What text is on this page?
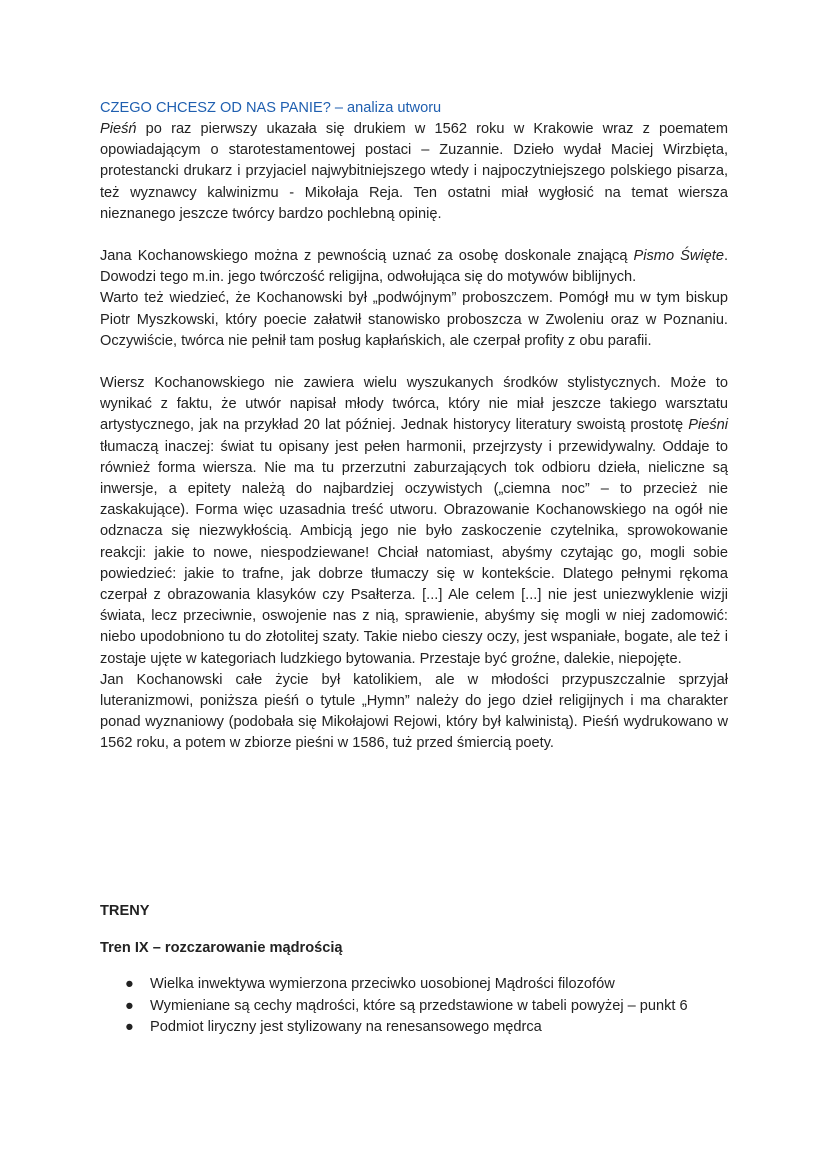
CZEGO CHCESZ OD NAS PANIE? – analiza utworu

Pieśń po raz pierwszy ukazała się drukiem w 1562 roku w Krakowie wraz z poematem opowiadającym o starotestamentowej postaci – Zuzannie. Dzieło wydał Maciej Wirzbięta, protestancki drukarz i przyjaciel najwybitniejszego wtedy i najpoczytniejszego polskiego pisarza, też wyznawcy kalwinizmu - Mikołaja Reja. Ten ostatni miał wygłosić na temat wiersza nieznanego jeszcze twórcy bardzo pochlebną opinię.

Jana Kochanowskiego można z pewnością uznać za osobę doskonale znającą Pismo Święte. Dowodzi tego m.in. jego twórczość religijna, odwołująca się do motywów biblijnych.
Warto też wiedzieć, że Kochanowski był „podwójnym” proboszczem. Pomógł mu w tym biskup Piotr Myszkowski, który poecie załatwił stanowisko proboszcza w Zwoleniu oraz w Poznaniu. Oczywiście, twórca nie pełnił tam posług kapłańskich, ale czerpał profity z obu parafii.

Wiersz Kochanowskiego nie zawiera wielu wyszukanych środków stylistycznych. Może to wynikać z faktu, że utwór napisał młody twórca, który nie miał jeszcze takiego warsztatu artystycznego, jak na przykład 20 lat później. Jednak historycy literatury swoistą prostotę Pieśni tłumaczą inaczej: świat tu opisany jest pełen harmonii, przejrzysty i przewidywalny. Oddaje to również forma wiersza. Nie ma tu przerzutni zaburzających tok odbioru dzieła, nieliczne są inwersje, a epitety należą do najbardziej oczywistych („ciemna noc” – to przecież nie zaskakujące). Forma więc uzasadnia treść utworu. Obrazowanie Kochanowskiego na ogół nie odznacza się niezwykłością. Ambicją jego nie było zaskoczenie czytelnika, sprowokowanie reakcji: jakie to nowe, niespodziewane! Chciał natomiast, abyśmy czytając go, mogli sobie powiedzieć: jakie to trafne, jak dobrze tłumaczy się w kontekście. Dlatego pełnymi rękoma czerpał z obrazowania klasyków czy Psałterza. [...] Ale celem [...] nie jest uniezwyklenie wizji świata, lecz przeciwnie, oswojenie nas z nią, sprawienie, abyśmy się mogli w niej zadomowić: niebo upodobniono tu do złotolitej szaty. Takie niebo cieszy oczy, jest wspaniałe, bogate, ale też i zostaje ujęte w kategoriach ludzkiego bytowania. Przestaje być groźne, dalekie, niepojęte.

Jan Kochanowski całe życie był katolikiem, ale w młodości przypuszczalnie sprzyjał luteranizmowi, poniższa pieśń o tytule „Hymn” należy do jego dzieł religijnych i ma charakter ponad wyznaniowy (podobała się Mikołajowi Rejowi, który był kalwinistą). Pieśń wydrukowano w 1562 roku, a potem w zbiorze pieśni w 1586, tuż przed śmiercią poety.

TRENY
Tren IX – rozczarowanie mądrością
● Wielka inwektywa wymierzona przeciwko uosobionej Mądrości filozofów
● Wymieniane są cechy mądrości, które są przedstawione w tabeli powyżej – punkt 6
● Podmiot liryczny jest stylizowany na renesansowego mędrca
